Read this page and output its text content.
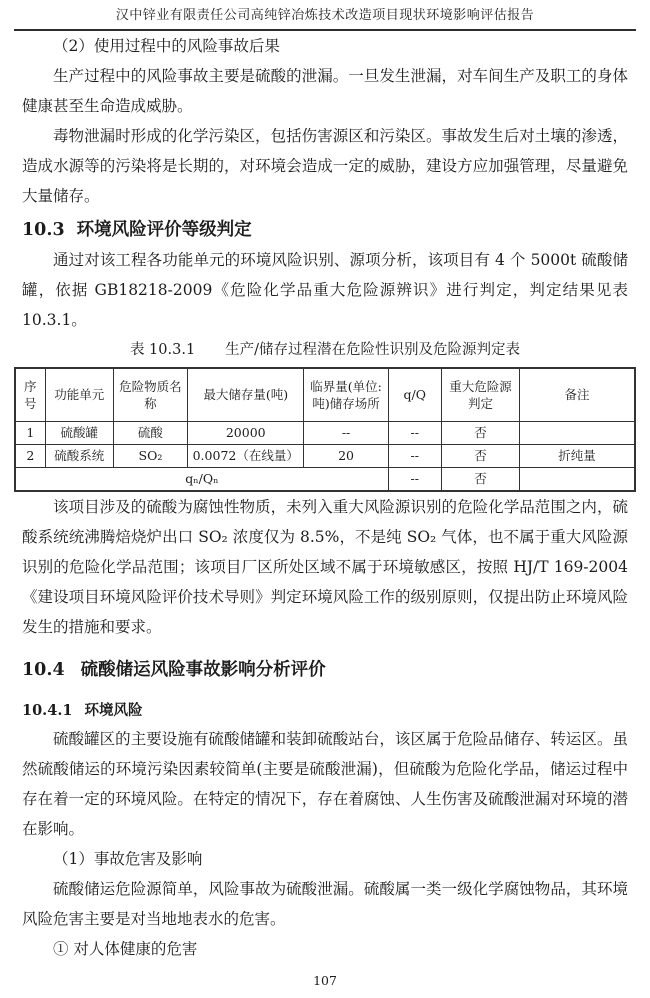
汉中锌业有限责任公司高纯锌冶炼技术改造项目现状环境影响评估报告

（2）使用过程中的风险事故后果

生产过程中的风险事故主要是硫酸的泄漏。一旦发生泄漏，对车间生产及职工的身体健康甚至生命造成威胁。

毒物泄漏时形成的化学污染区，包括伤害源区和污染区。事故发生后对土壤的渗透，造成水源等的污染将是长期的，对环境会造成一定的威胁，建设方应加强管理，尽量避免大量储存。

10.3 环境风险评价等级判定

通过对该工程各功能单元的环境风险识别、源项分析，该项目有 4 个 5000t 硫酸储罐，依据 GB18218-2009《危险化学品重大危险源辨识》进行判定，判定结果见表 10.3.1。

表 10.3.1 生产/储存过程潜在危险性识别及危险源判定表
序号	功能单元	危险物质名称	最大储存量(吨)	临界量(单位:吨)储存场所	q/Q	重大危险源判定	备注
1	硫酸罐	硫酸	20000	--	--	否	
2	硫酸系统	SO₂	0.0072（在线量）	20	--	否	折纯量
qₙ/Qₙ					--	否	

该项目涉及的硫酸为腐蚀性物质，未列入重大风险源识别的危险化学品范围之内，硫酸系统统沸腾焙烧炉出口 SO₂ 浓度仅为 8.5%，不是纯 SO₂ 气体，也不属于重大风险源识别的危险化学品范围；该项目厂区所处区域不属于环境敏感区，按照 HJ/T 169-2004《建设项目环境风险评价技术导则》判定环境风险工作的级别原则，仅提出防止环境风险发生的措施和要求。

10.4 硫酸储运风险事故影响分析评价
10.4.1 环境风险

硫酸罐区的主要设施有硫酸储罐和装卸硫酸站台，该区属于危险品储存、转运区。虽然硫酸储运的环境污染因素较简单(主要是硫酸泄漏)，但硫酸为危险化学品，储运过程中存在着一定的环境风险。在特定的情况下，存在着腐蚀、人生伤害及硫酸泄漏对环境的潜在影响。

（1）事故危害及影响

硫酸储运危险源简单，风险事故为硫酸泄漏。硫酸属一类一级化学腐蚀物品，其环境风险危害主要是对当地地表水的危害。

① 对人体健康的危害

107
